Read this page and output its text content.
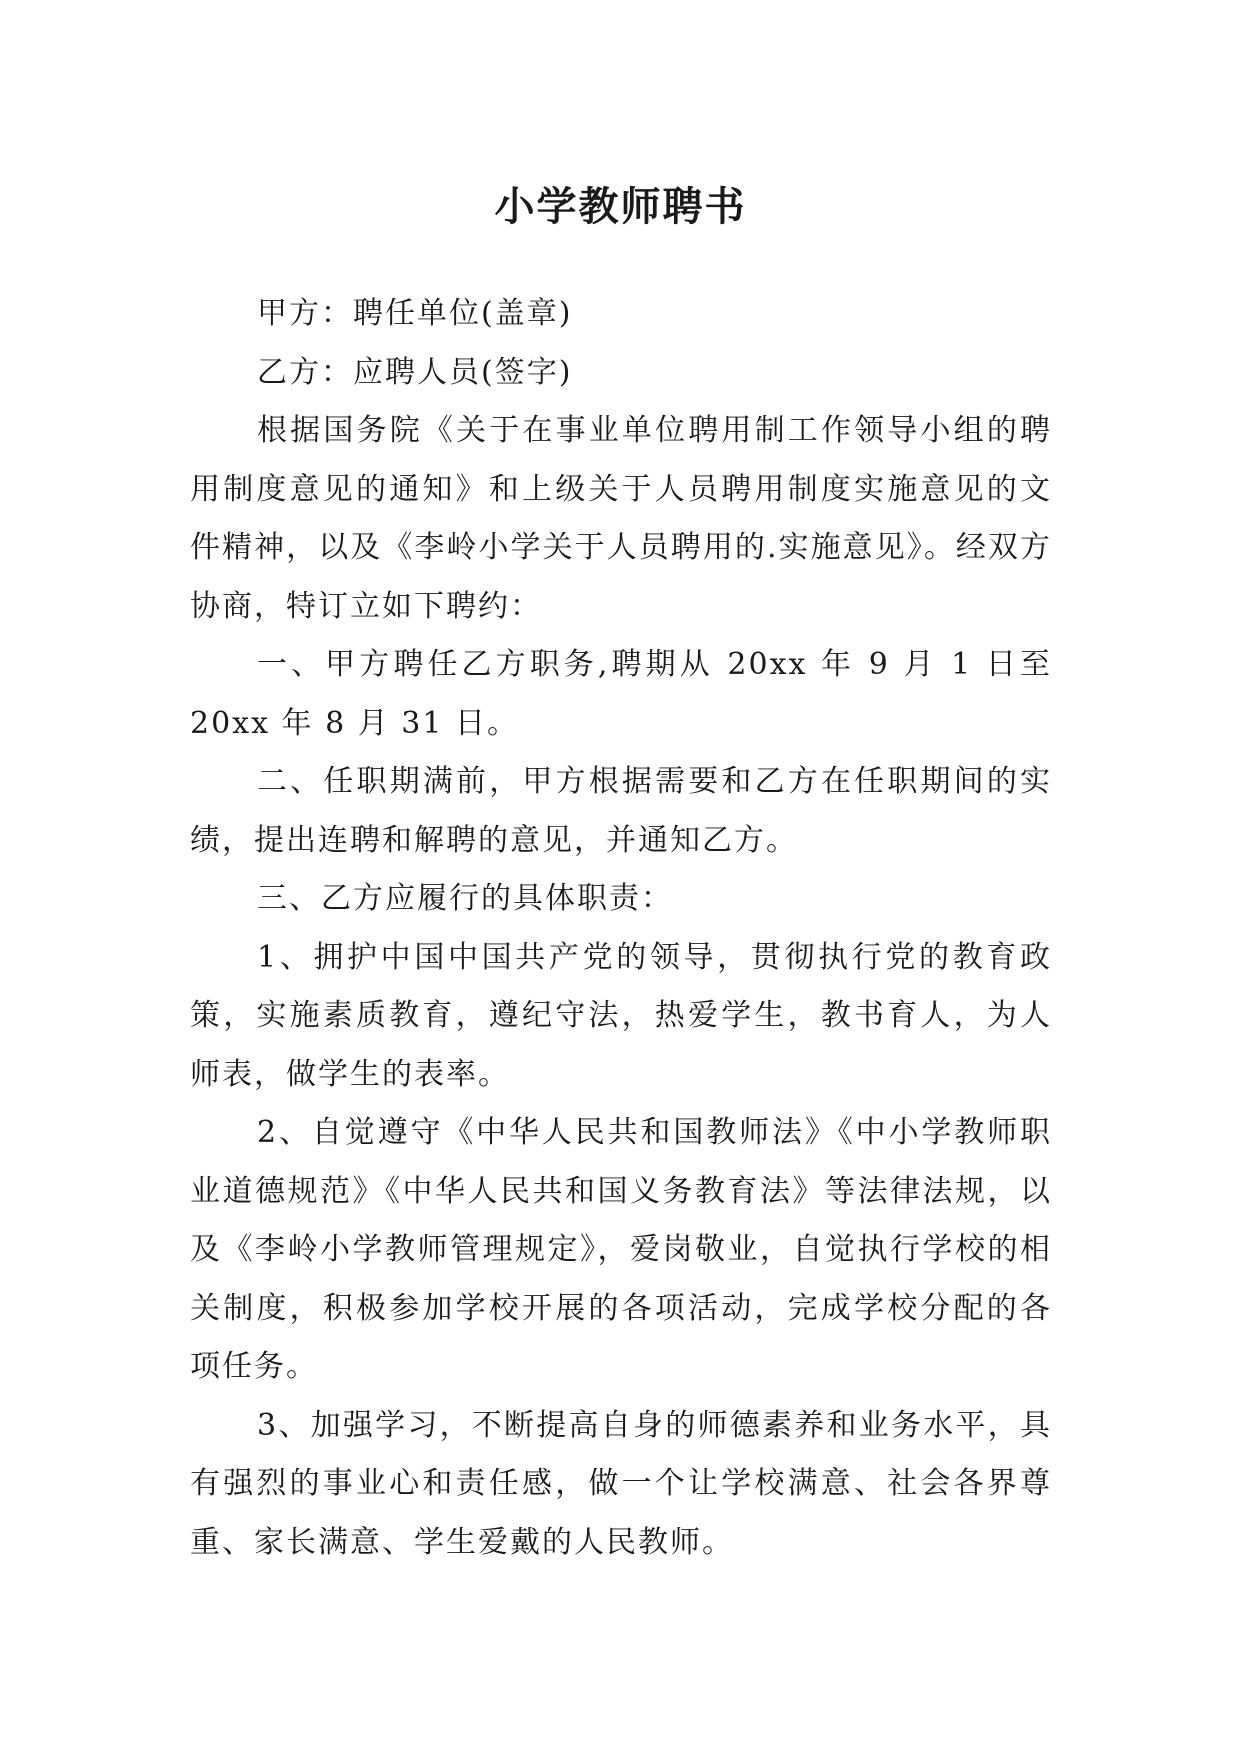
小学教师聘书

甲方：聘任单位(盖章)

乙方：应聘人员(签字)

根据国务院《关于在事业单位聘用制工作领导小组的聘用制度意见的通知》和上级关于人员聘用制度实施意见的文件精神，以及《李岭小学关于人员聘用的.实施意见》。经双方协商，特订立如下聘约：

一、甲方聘任乙方职务,聘期从 20xx 年 9 月 1 日至 20xx 年 8 月 31 日。

二、任职期满前，甲方根据需要和乙方在任职期间的实绩，提出连聘和解聘的意见，并通知乙方。

三、乙方应履行的具体职责：

1、拥护中国中国共产党的领导，贯彻执行党的教育政策，实施素质教育，遵纪守法，热爱学生，教书育人，为人师表，做学生的表率。

2、自觉遵守《中华人民共和国教师法》《中小学教师职业道德规范》《中华人民共和国义务教育法》等法律法规，以及《李岭小学教师管理规定》，爱岗敬业，自觉执行学校的相关制度，积极参加学校开展的各项活动，完成学校分配的各项任务。

3、加强学习，不断提高自身的师德素养和业务水平，具有强烈的事业心和责任感，做一个让学校满意、社会各界尊重、家长满意、学生爱戴的人民教师。
